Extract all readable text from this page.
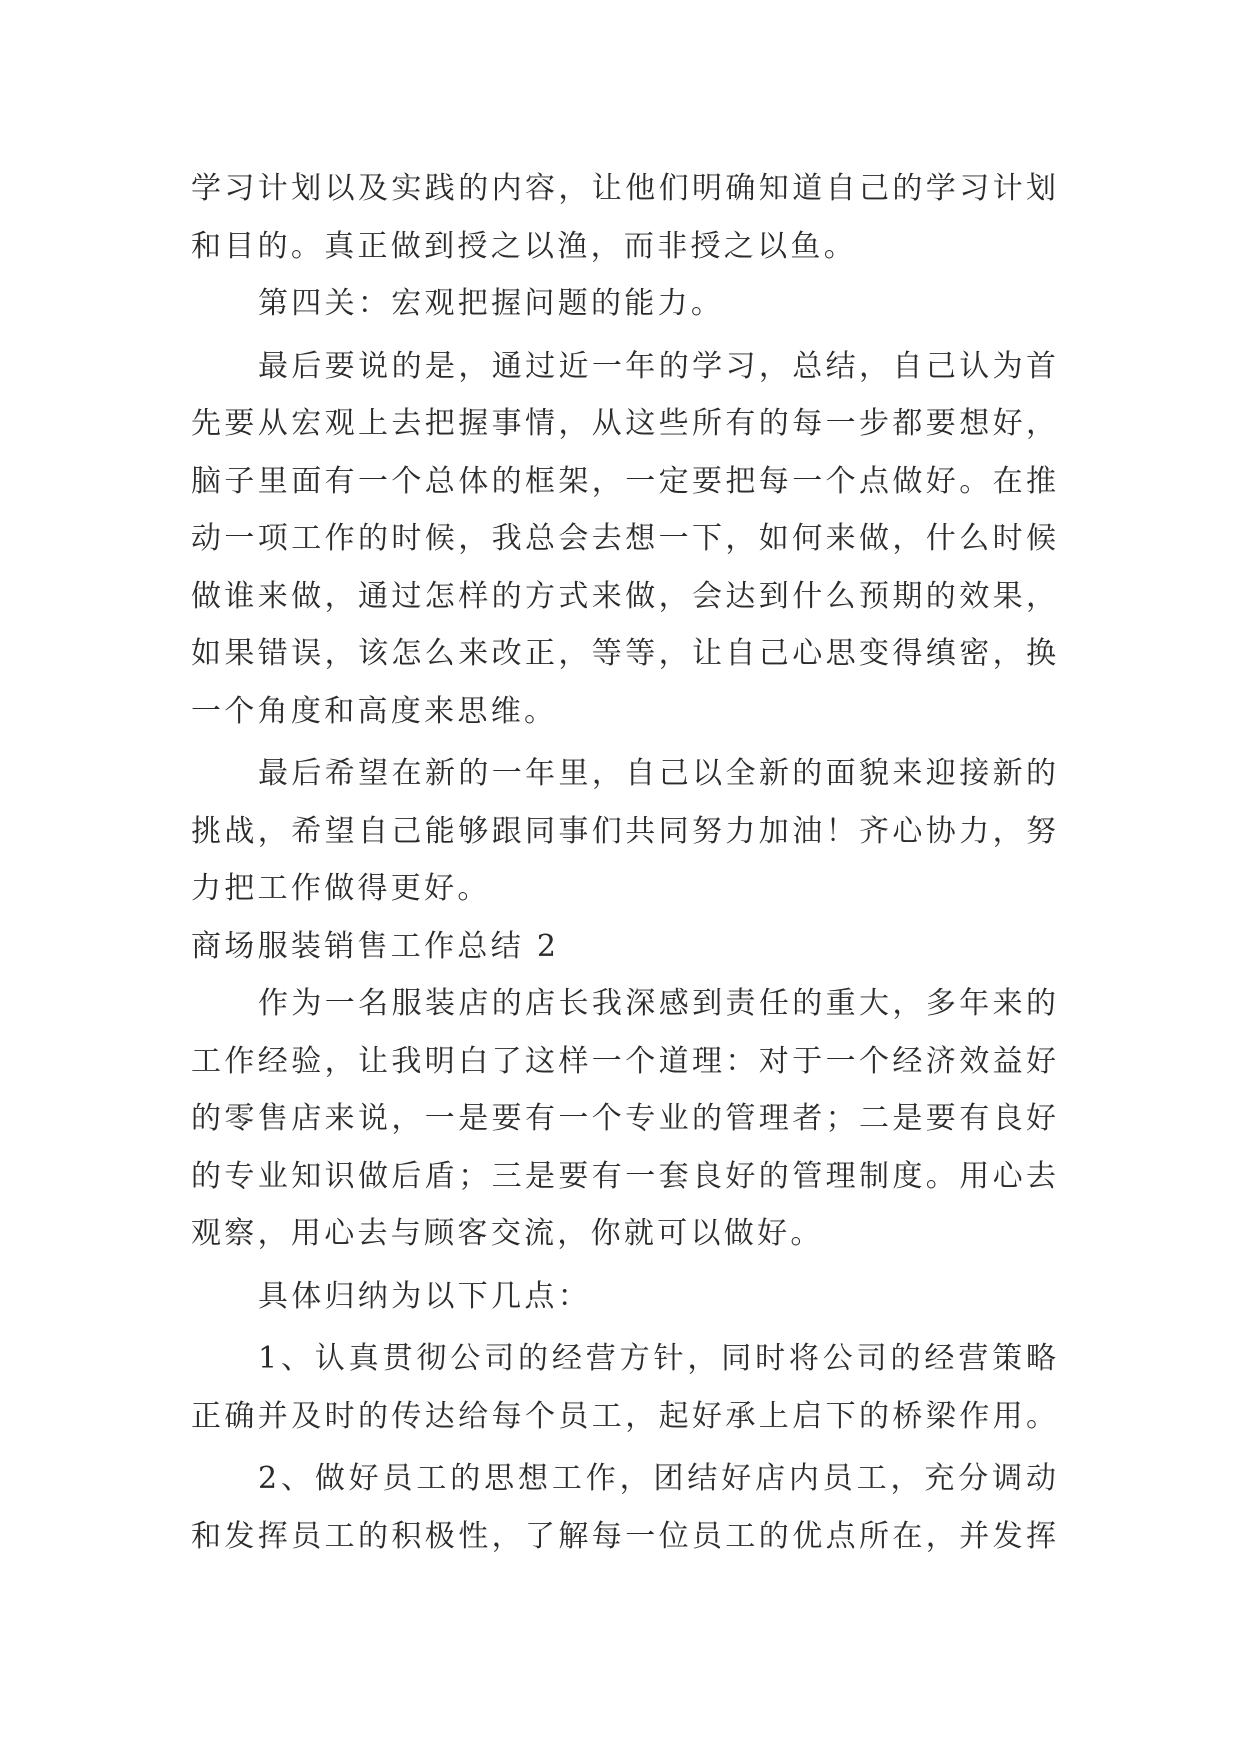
学习计划以及实践的内容，让他们明确知道自己的学习计划
和目的。真正做到授之以渔，而非授之以鱼。
第四关：宏观把握问题的能力。
最后要说的是，通过近一年的学习，总结，自己认为首
先要从宏观上去把握事情，从这些所有的每一步都要想好，
脑子里面有一个总体的框架，一定要把每一个点做好。在推
动一项工作的时候，我总会去想一下，如何来做，什么时候
做谁来做，通过怎样的方式来做，会达到什么预期的效果，
如果错误，该怎么来改正，等等，让自己心思变得缜密，换
一个角度和高度来思维。
最后希望在新的一年里，自己以全新的面貌来迎接新的
挑战，希望自己能够跟同事们共同努力加油！齐心协力，努
力把工作做得更好。
商场服装销售工作总结 2
作为一名服装店的店长我深感到责任的重大，多年来的
工作经验，让我明白了这样一个道理：对于一个经济效益好
的零售店来说，一是要有一个专业的管理者；二是要有良好
的专业知识做后盾；三是要有一套良好的管理制度。用心去
观察，用心去与顾客交流，你就可以做好。
具体归纳为以下几点：
1、认真贯彻公司的经营方针，同时将公司的经营策略
正确并及时的传达给每个员工，起好承上启下的桥梁作用。
2、做好员工的思想工作，团结好店内员工，充分调动
和发挥员工的积极性，了解每一位员工的优点所在，并发挥
